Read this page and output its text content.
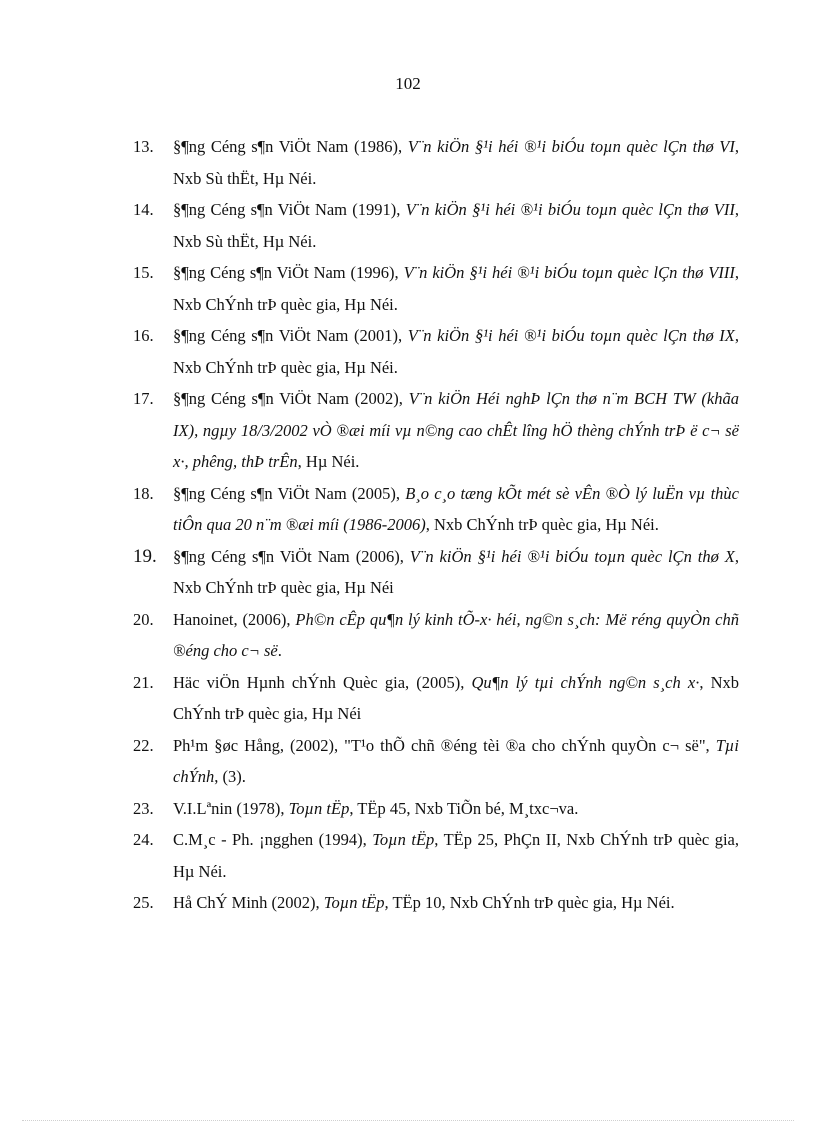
102
13. §¶ng Céng s¶n ViÖt Nam (1986), V¨n kiÖn §¹i héi ®¹i biÓu toµn quèc lÇn thø VI, Nxb Sù thËt, Hµ Néi.
14. §¶ng Céng s¶n ViÖt Nam (1991), V¨n kiÖn §¹i héi ®¹i biÓu toµn quèc lÇn thø VII, Nxb Sù thËt, Hµ Néi.
15. §¶ng Céng s¶n ViÖt Nam (1996), V¨n kiÖn §¹i héi ®¹i biÓu toµn quèc lÇn thø VIII, Nxb ChÝnh trÞ quèc gia, Hµ Néi.
16. §¶ng Céng s¶n ViÖt Nam (2001), V¨n kiÖn §¹i héi ®¹i biÓu toµn quèc lÇn thø IX, Nxb ChÝnh trÞ quèc gia, Hµ Néi.
17. §¶ng Céng s¶n ViÖt Nam (2002), V¨n kiÖn Héi nghÞ lÇn thø n¨m BCH TW (khãa IX), ngµy 18/3/2002 vÒ ®æi míi vµ n©ng cao chÊt lîng hÖ thèng chÝnh trÞ ë c¬ së x·, phêng, thÞ trÊn, Hµ Néi.
18. §¶ng Céng s¶n ViÖt Nam (2005), B¸o c¸o tæng kÕt mét sè vÊn ®Ò lý luËn vµ thùc tiÔn qua 20 n¨m ®æi míi (1986-2006), Nxb ChÝnh trÞ quèc gia, Hµ Néi.
19. §¶ng Céng s¶n ViÖt Nam (2006), V¨n kiÖn §¹i héi ®¹i biÓu toµn quèc lÇn thø X, Nxb ChÝnh trÞ quèc gia, Hµ Néi
20. Hanoinet, (2006), Ph©n cÊp qu¶n lý kinh tÕ-x· héi, ng©n s¸ch: Më réng quyÒn chñ ®éng cho c¬ së.
21. Häc viÖn Hµnh chÝnh Quèc gia, (2005), Qu¶n lý tµi chÝnh ng©n s¸ch x·, Nxb ChÝnh trÞ quèc gia, Hµ Néi
22. Ph¹m §øc Hång, (2002), "T¹o thÕ chñ ®éng tèi ®a cho chÝnh quyÒn c¬ së", Tµi chÝnh, (3).
23. V.I.Lªnin (1978), Toµn tËp, TËp 45, Nxb TiÕn bé, M¸txc¬va.
24. C.M¸c - Ph. ¡ngghen (1994), Toµn tËp, TËp 25, PhÇn II, Nxb ChÝnh trÞ quèc gia, Hµ Néi.
25. Hå ChÝ Minh (2002), Toµn tËp, TËp 10, Nxb ChÝnh trÞ quèc gia, Hµ Néi.
